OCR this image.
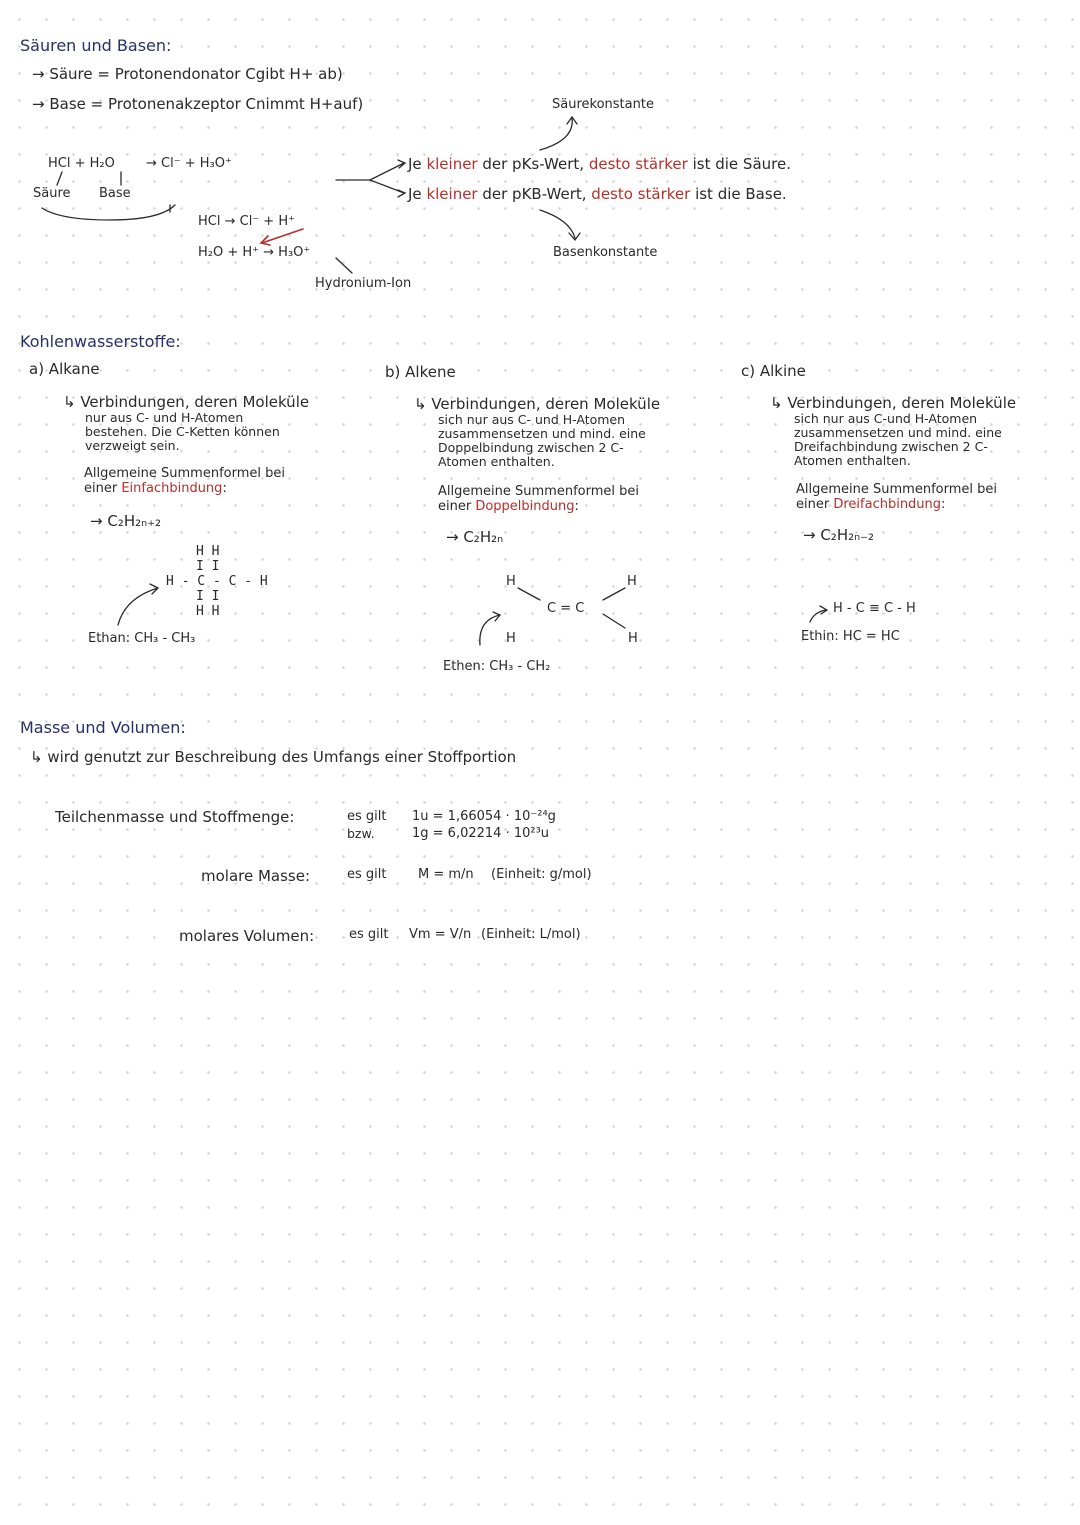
Säuren und Basen:
→ Säure = Protonendonator Cgibt H+ ab)
→ Base = Protonenakzeptor Cnimmt H+auf)
HCl + H₂O → Cl⁻ + H₃O⁺
Säure Base
HCl → Cl⁻ + H⁺
H₂O + H⁺ → H₃O⁺
Hydronium-Ion
Säurekonstante
Basenkonstante
Je kleiner der pKs-Wert, desto stärker ist die Säure.
Je kleiner der pKB-Wert, desto stärker ist die Base.
Kohlenwasserstoffe:
a) Alkane
↳ Verbindungen, deren Moleküle
nur aus C- und H-Atomen
bestehen. Die C-Ketten können
verzweigt sein.
Allgemeine Summenformel bei
einer Einfachbindung:
→ C₂H₂ₙ₊₂
H H
I I
H - C - C - H
I I
H H
Ethan: CH₃ - CH₃
b) Alkene
↳ Verbindungen, deren Moleküle
sich nur aus C- und H-Atomen
zusammensetzen und mind. eine
Doppelbindung zwischen 2 C-
Atomen enthalten.
Allgemeine Summenformel bei
einer Doppelbindung:
→ C₂H₂ₙ
H	H
C = C
H	H
Ethen: CH₃ - CH₂
c) Alkine
↳ Verbindungen, deren Moleküle
sich nur aus C-und H-Atomen
zusammensetzen und mind. eine
Dreifachbindung zwischen 2 C-
Atomen enthalten.
Allgemeine Summenformel bei
einer Dreifachbindung:
→ C₂H₂ₙ₋₂
H - C ≡ C - H
Ethin: HC = HC
Masse und Volumen:
↳ wird genutzt zur Beschreibung des Umfangs einer Stoffportion
Teilchenmasse und Stoffmenge:	es gilt 1u = 1,66054 · 10⁻²⁴g
bzw.	1g = 6,02214 · 10²³u
molare Masse:	es gilt M = m/n (Einheit: g/mol)
molares Volumen:	es gilt Vm = V/n (Einheit: L/mol)
